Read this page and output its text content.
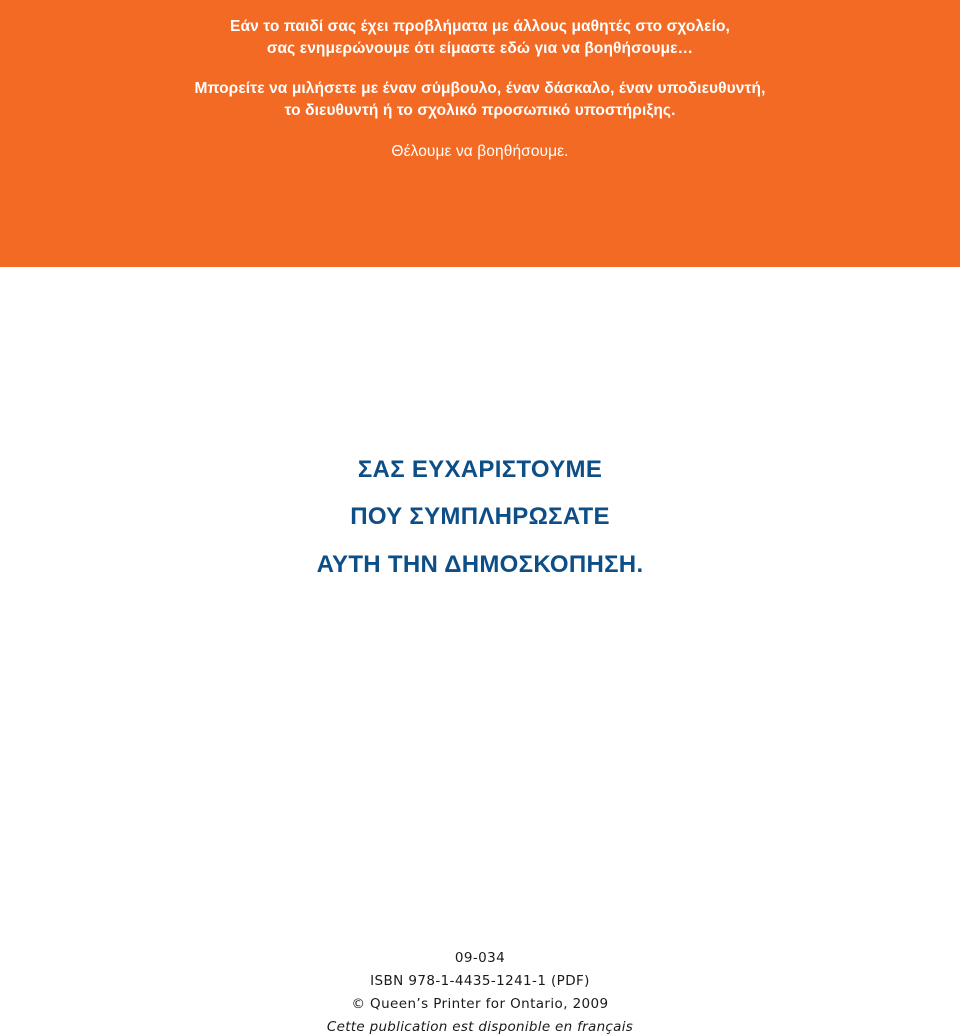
Εάν το παιδί σας έχει προβλήματα με άλλους μαθητές στο σχολείο,

σας ενημερώνουμε ότι είμαστε εδώ για να βοηθήσουμε…

Μπορείτε να μιλήσετε με έναν σύμβουλο, έναν δάσκαλο, έναν υποδιευθυντή,

το διευθυντή ή το σχολικό προσωπικό υποστήριξης.

Θέλουμε να βοηθήσουμε.

ΣΑΣ ΕΥΧΑΡΙΣΤΟΥΜΕ
ΠΟΥ ΣΥΜΠΛΗΡΩΣΑΤΕ
ΑΥΤΗ ΤΗΝ ΔΗΜΟΣΚΟΠΗΣΗ.
09-034
ISBN 978-1-4435-1241-1 (PDF)
© Queen’s Printer for Ontario, 2009
Cette publication est disponible en français
